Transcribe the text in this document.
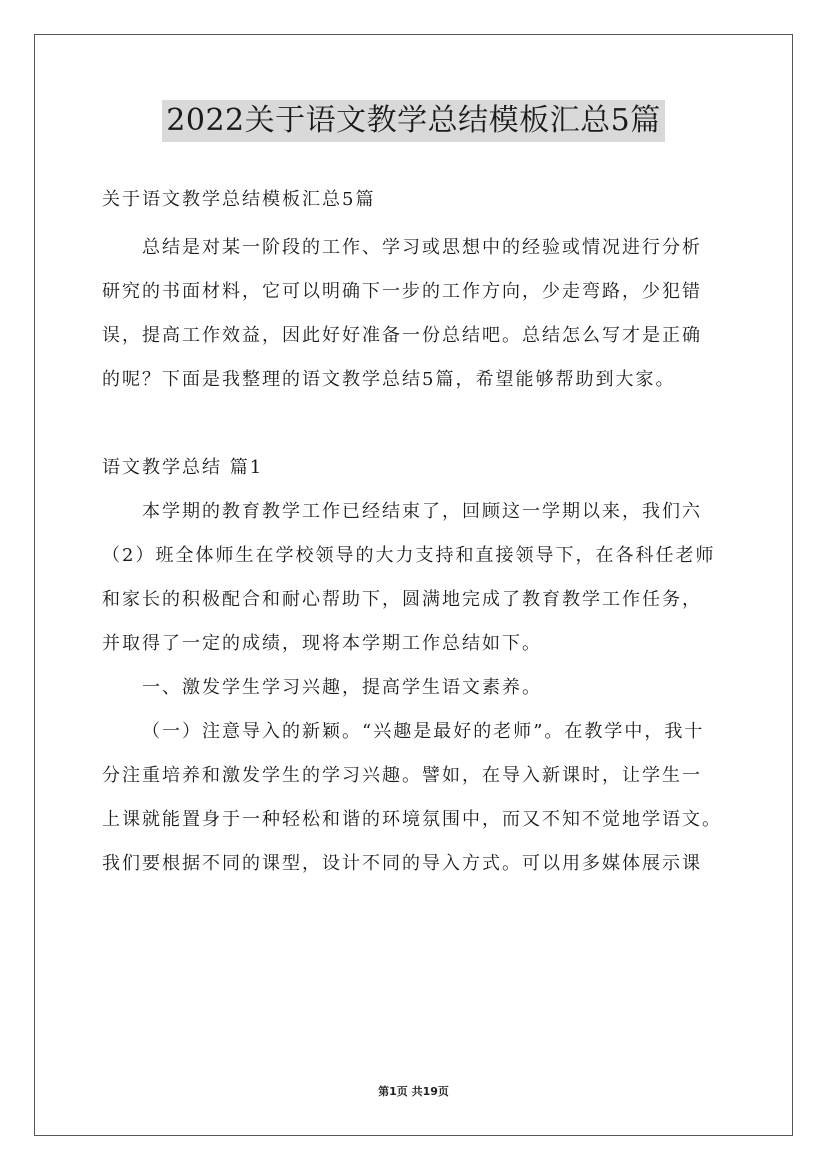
2022关于语文教学总结模板汇总5篇
关于语文教学总结模板汇总5篇
总结是对某一阶段的工作、学习或思想中的经验或情况进行分析
研究的书面材料，它可以明确下一步的工作方向，少走弯路，少犯错
误，提高工作效益，因此好好准备一份总结吧。总结怎么写才是正确
的呢？下面是我整理的语文教学总结5篇，希望能够帮助到大家。
语文教学总结 篇1
本学期的教育教学工作已经结束了，回顾这一学期以来，我们六
（2）班全体师生在学校领导的大力支持和直接领导下，在各科任老师
和家长的积极配合和耐心帮助下，圆满地完成了教育教学工作任务，
并取得了一定的成绩，现将本学期工作总结如下。
一、激发学生学习兴趣，提高学生语文素养。
（一）注意导入的新颖。“兴趣是最好的老师”。在教学中，我十
分注重培养和激发学生的学习兴趣。譬如，在导入新课时，让学生一
上课就能置身于一种轻松和谐的环境氛围中，而又不知不觉地学语文。
我们要根据不同的课型，设计不同的导入方式。可以用多媒体展示课
第1页 共19页
